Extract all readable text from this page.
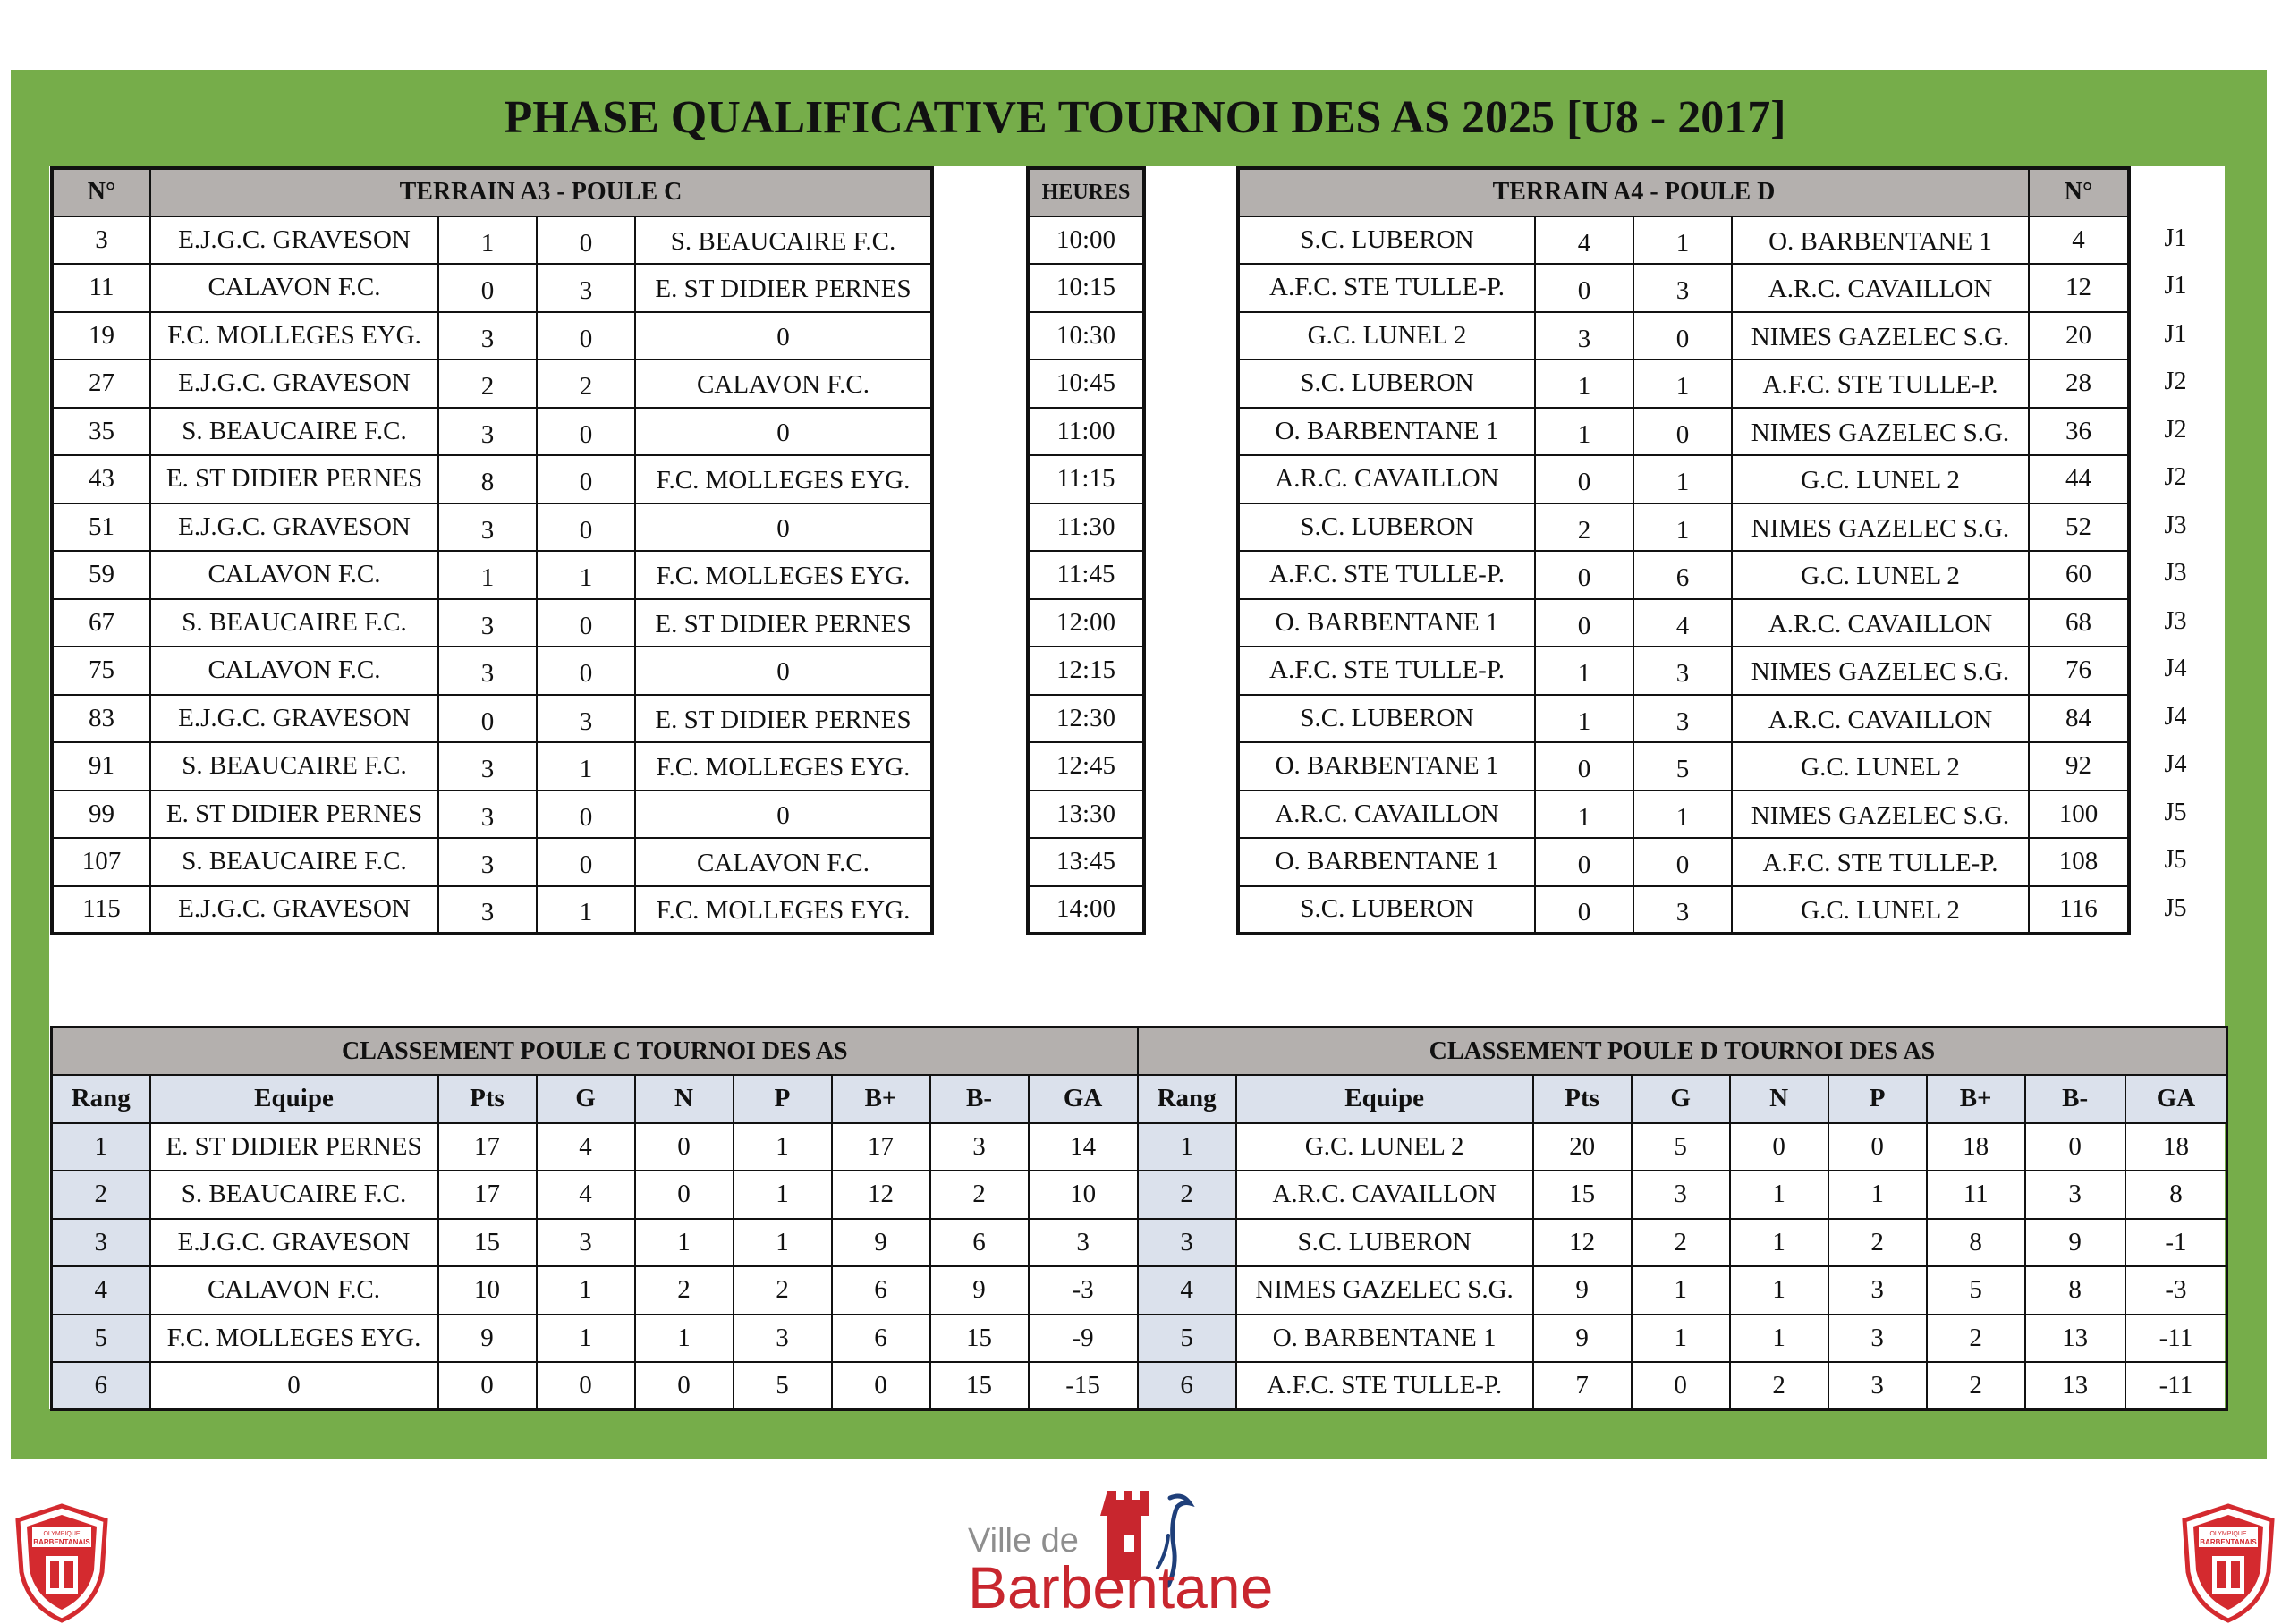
PHASE QUALIFICATIVE TOURNOI DES AS 2025 [U8 - 2017]
N°	TERRAIN A3 - POULE C			
3	E.J.G.C. GRAVESON	1	0	S. BEAUCAIRE F.C.
11	CALAVON F.C.	0	3	E. ST DIDIER PERNES
19	F.C. MOLLEGES EYG.	3	0	0
27	E.J.G.C. GRAVESON	2	2	CALAVON F.C.
35	S. BEAUCAIRE F.C.	3	0	0
43	E. ST DIDIER PERNES	8	0	F.C. MOLLEGES EYG.
51	E.J.G.C. GRAVESON	3	0	0
59	CALAVON F.C.	1	1	F.C. MOLLEGES EYG.
67	S. BEAUCAIRE F.C.	3	0	E. ST DIDIER PERNES
75	CALAVON F.C.	3	0	0
83	E.J.G.C. GRAVESON	0	3	E. ST DIDIER PERNES
91	S. BEAUCAIRE F.C.	3	1	F.C. MOLLEGES EYG.
99	E. ST DIDIER PERNES	3	0	0
107	S. BEAUCAIRE F.C.	3	0	CALAVON F.C.
115	E.J.G.C. GRAVESON	3	1	F.C. MOLLEGES EYG.
HEURES
10:00
10:15
10:30
10:45
11:00
11:15
11:30
11:45
12:00
12:15
12:30
12:45
13:30
13:45
14:00
TERRAIN A4 - POULE D				N°
S.C. LUBERON	4	1	O. BARBENTANE 1	4
A.F.C. STE TULLE-P.	0	3	A.R.C. CAVAILLON	12
G.C. LUNEL 2	3	0	NIMES GAZELEC S.G.	20
S.C. LUBERON	1	1	A.F.C. STE TULLE-P.	28
O. BARBENTANE 1	1	0	NIMES GAZELEC S.G.	36
A.R.C. CAVAILLON	0	1	G.C. LUNEL 2	44
S.C. LUBERON	2	1	NIMES GAZELEC S.G.	52
A.F.C. STE TULLE-P.	0	6	G.C. LUNEL 2	60
O. BARBENTANE 1	0	4	A.R.C. CAVAILLON	68
A.F.C. STE TULLE-P.	1	3	NIMES GAZELEC S.G.	76
S.C. LUBERON	1	3	A.R.C. CAVAILLON	84
O. BARBENTANE 1	0	5	G.C. LUNEL 2	92
A.R.C. CAVAILLON	1	1	NIMES GAZELEC S.G.	100
O. BARBENTANE 1	0	0	A.F.C. STE TULLE-P.	108
S.C. LUBERON	0	3	G.C. LUNEL 2	116
J1
J1
J1
J2
J2
J2
J3
J3
J3
J4
J4
J4
J5
J5
J5
CLASSEMENT POULE C TOURNOI DES AS									CLASSEMENT POULE D TOURNOI DES AS								
Rang	Equipe	Pts	G	N	P	B+	B-	GA	Rang	Equipe	Pts	G	N	P	B+	B-	GA
1	E. ST DIDIER PERNES	17	4	0	1	17	3	14	1	G.C. LUNEL 2	20	5	0	0	18	0	18
2	S. BEAUCAIRE F.C.	17	4	0	1	12	2	10	2	A.R.C. CAVAILLON	15	3	1	1	11	3	8
3	E.J.G.C. GRAVESON	15	3	1	1	9	6	3	3	S.C. LUBERON	12	2	1	2	8	9	-1
4	CALAVON F.C.	10	1	2	2	6	9	-3	4	NIMES GAZELEC S.G.	9	1	1	3	5	8	-3
5	F.C. MOLLEGES EYG.	9	1	1	3	6	15	-9	5	O. BARBENTANE 1	9	1	1	3	2	13	-11
6	0	0	0	0	5	0	15	-15	6	A.F.C. STE TULLE-P.	7	0	2	3	2	13	-11
OLYMPIQUE
BARBENTANAIS
OLYMPIQUE
BARBENTANAIS
Ville de
Barbentane
